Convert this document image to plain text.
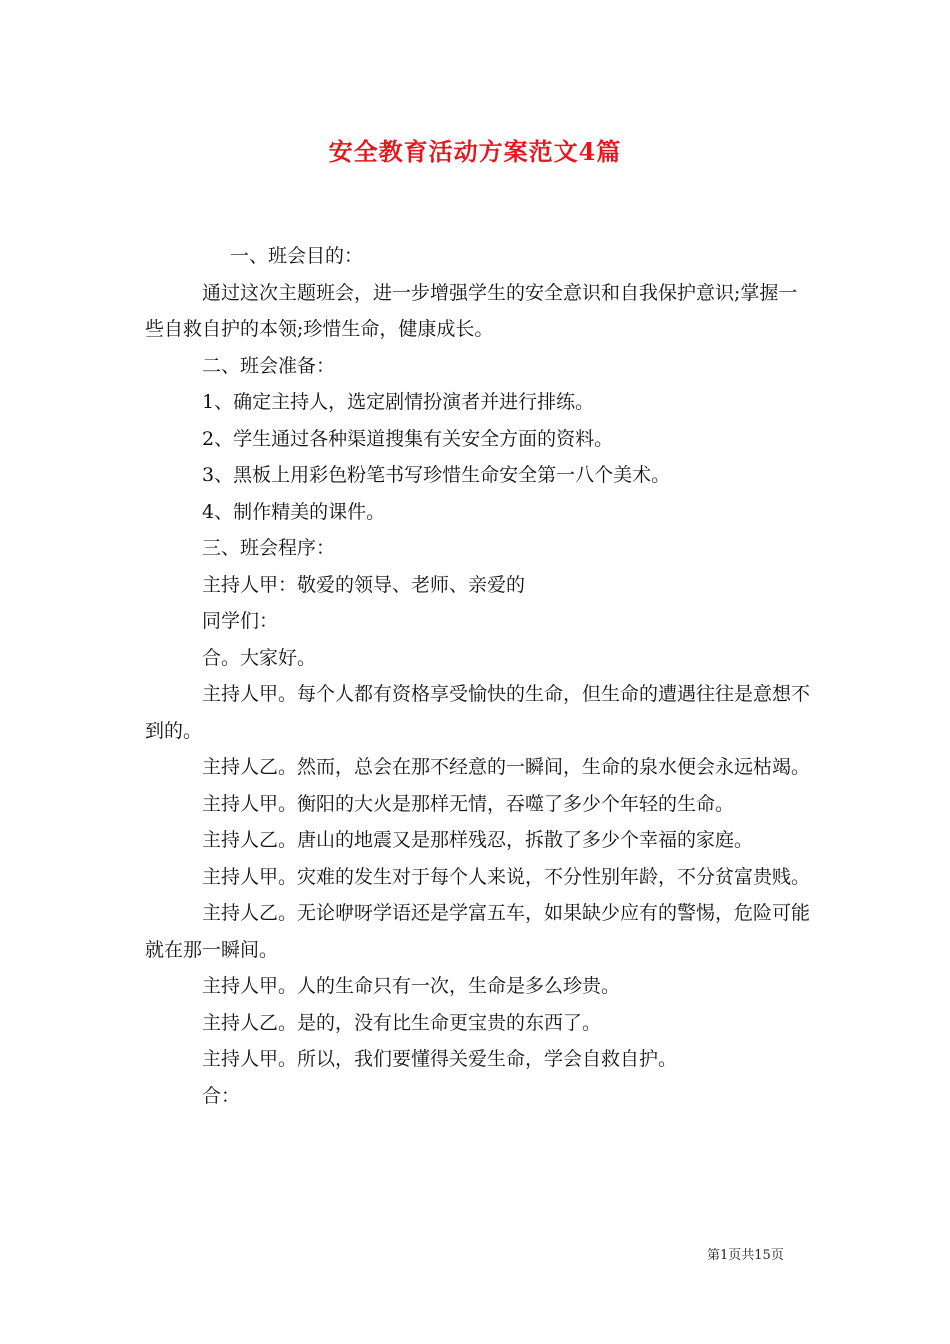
安全教育活动方案范文4篇

一、班会目的：

通过这次主题班会，进一步增强学生的安全意识和自我保护意识;掌握一些自救自护的本领;珍惜生命，健康成长。

二、班会准备：

1、确定主持人，选定剧情扮演者并进行排练。

2、学生通过各种渠道搜集有关安全方面的资料。

3、黑板上用彩色粉笔书写珍惜生命安全第一八个美术。

4、制作精美的课件。

三、班会程序：

主持人甲：敬爱的领导、老师、亲爱的

同学们：

合。大家好。

主持人甲。每个人都有资格享受愉快的生命，但生命的遭遇往往是意想不到的。

主持人乙。然而，总会在那不经意的一瞬间，生命的泉水便会永远枯竭。

主持人甲。衡阳的大火是那样无情，吞噬了多少个年轻的生命。

主持人乙。唐山的地震又是那样残忍，拆散了多少个幸福的家庭。

主持人甲。灾难的发生对于每个人来说，不分性别年龄，不分贫富贵贱。

主持人乙。无论咿呀学语还是学富五车，如果缺少应有的警惕，危险可能就在那一瞬间。

主持人甲。人的生命只有一次，生命是多么珍贵。

主持人乙。是的，没有比生命更宝贵的东西了。

主持人甲。所以，我们要懂得关爱生命，学会自救自护。

合：

第1页共15页
